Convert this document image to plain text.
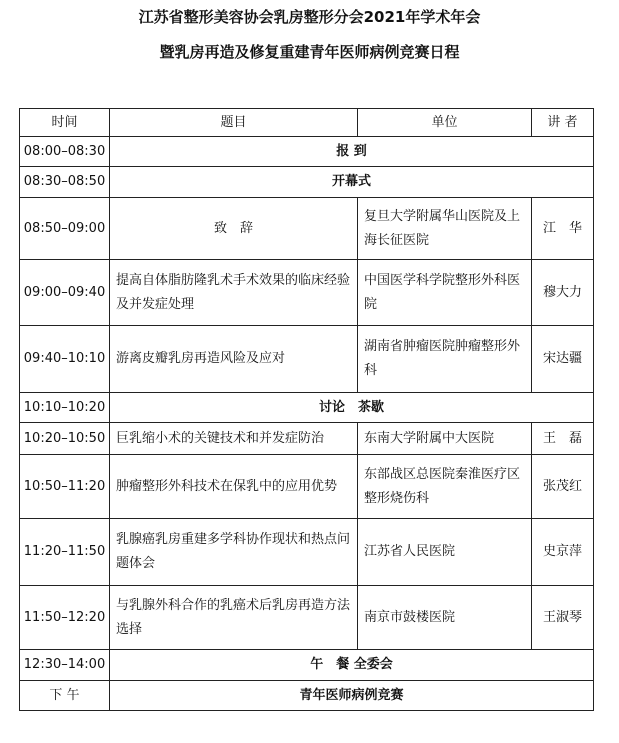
江苏省整形美容协会乳房整形分会2021年学术年会
暨乳房再造及修复重建青年医师病例竞赛日程
时间	题目	单位	讲 者
08:00–08:30	报 到		
08:30–08:50	开幕式		
08:50–09:00	致　辞	复旦大学附属华山医院及上海长征医院	江　华
09:00–09:40	提高自体脂肪隆乳术手术效果的临床经验及并发症处理	中国医学科学院整形外科医院	穆大力
09:40–10:10	游离皮瓣乳房再造风险及应对	湖南省肿瘤医院肿瘤整形外科	宋达疆
10:10–10:20	讨论　茶歇		
10:20–10:50	巨乳缩小术的关键技术和并发症防治	东南大学附属中大医院	王　磊
10:50–11:20	肿瘤整形外科技术在保乳中的应用优势	东部战区总医院秦淮医疗区整形烧伤科	张茂红
11:20–11:50	乳腺癌乳房重建多学科协作现状和热点问题体会	江苏省人民医院	史京萍
11:50–12:20	与乳腺外科合作的乳癌术后乳房再造方法选择	南京市鼓楼医院	王淑琴
12:30–14:00	午　餐 全委会		
下 午	青年医师病例竞赛		
